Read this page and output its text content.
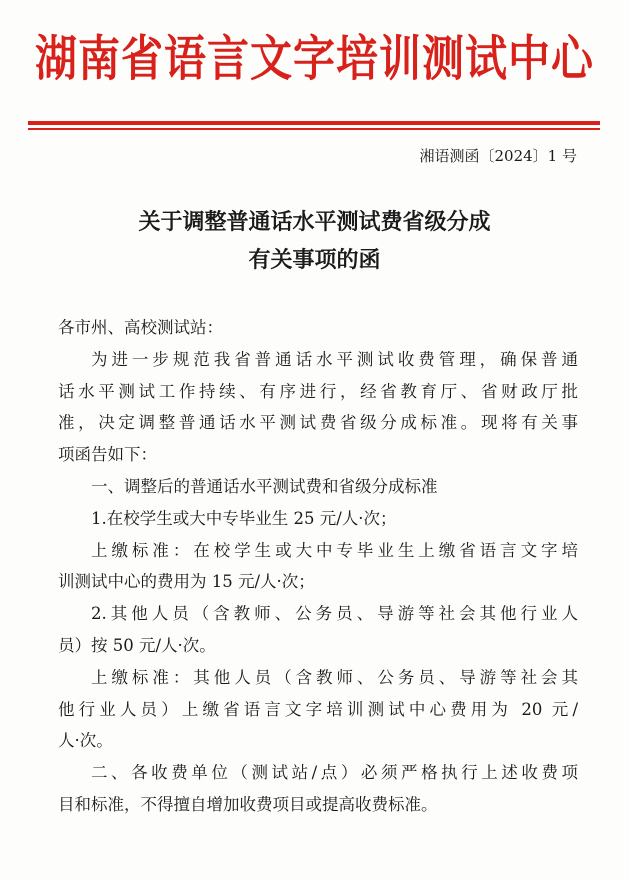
湖南省语言文字培训测试中心
湘语测函〔2024〕1 号
关于调整普通话水平测试费省级分成
有关事项的函
各市州、高校测试站：
为进一步规范我省普通话水平测试收费管理，确保普通
话水平测试工作持续、有序进行，经省教育厅、省财政厅批
准，决定调整普通话水平测试费省级分成标准。现将有关事
项函告如下：
一、调整后的普通话水平测试费和省级分成标准
1.在校学生或大中专毕业生 25 元/人·次；
上缴标准：在校学生或大中专毕业生上缴省语言文字培
训测试中心的费用为 15 元/人·次；
2.其他人员（含教师、公务员、导游等社会其他行业人
员）按 50 元/人·次。
上缴标准：其他人员（含教师、公务员、导游等社会其
他行业人员）上缴省语言文字培训测试中心费用为 20 元/
人·次。
二、各收费单位（测试站/点）必须严格执行上述收费项
目和标准，不得擅自增加收费项目或提高收费标准。
